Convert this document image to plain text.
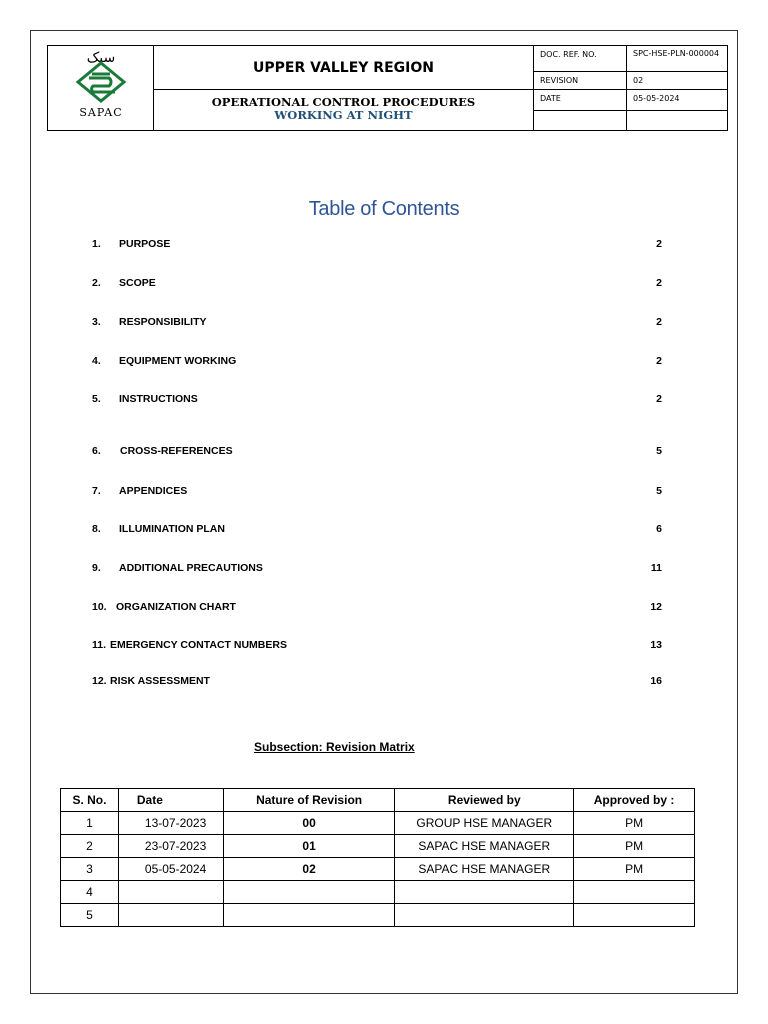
سبک
SAPAC
UPPER VALLEY REGION
OPERATIONAL CONTROL PROCEDURES
WORKING AT NIGHT
DOC. REF. NO.	SPC-HSE-PLN-000004
REVISION	02
DATE	05-05-2024
Table of Contents
1. PURPOSE	2
2. SCOPE	2
3. RESPONSIBILITY	2
4. EQUIPMENT WORKING	2
5. INSTRUCTIONS	2
6. CROSS-REFERENCES	5
7. APPENDICES	5
8. ILLUMINATION PLAN	6
9. ADDITIONAL PRECAUTIONS	11
10. ORGANIZATION CHART	12
11. EMERGENCY CONTACT NUMBERS	13
12. RISK ASSESSMENT	16
Subsection: Revision Matrix
S. No.	Date	Nature of Revision	Reviewed by	Approved by :
1	13-07-2023	00	GROUP HSE MANAGER	PM
2	23-07-2023	01	SAPAC HSE MANAGER	PM
3	05-05-2024	02	SAPAC HSE MANAGER	PM
4				
5				
